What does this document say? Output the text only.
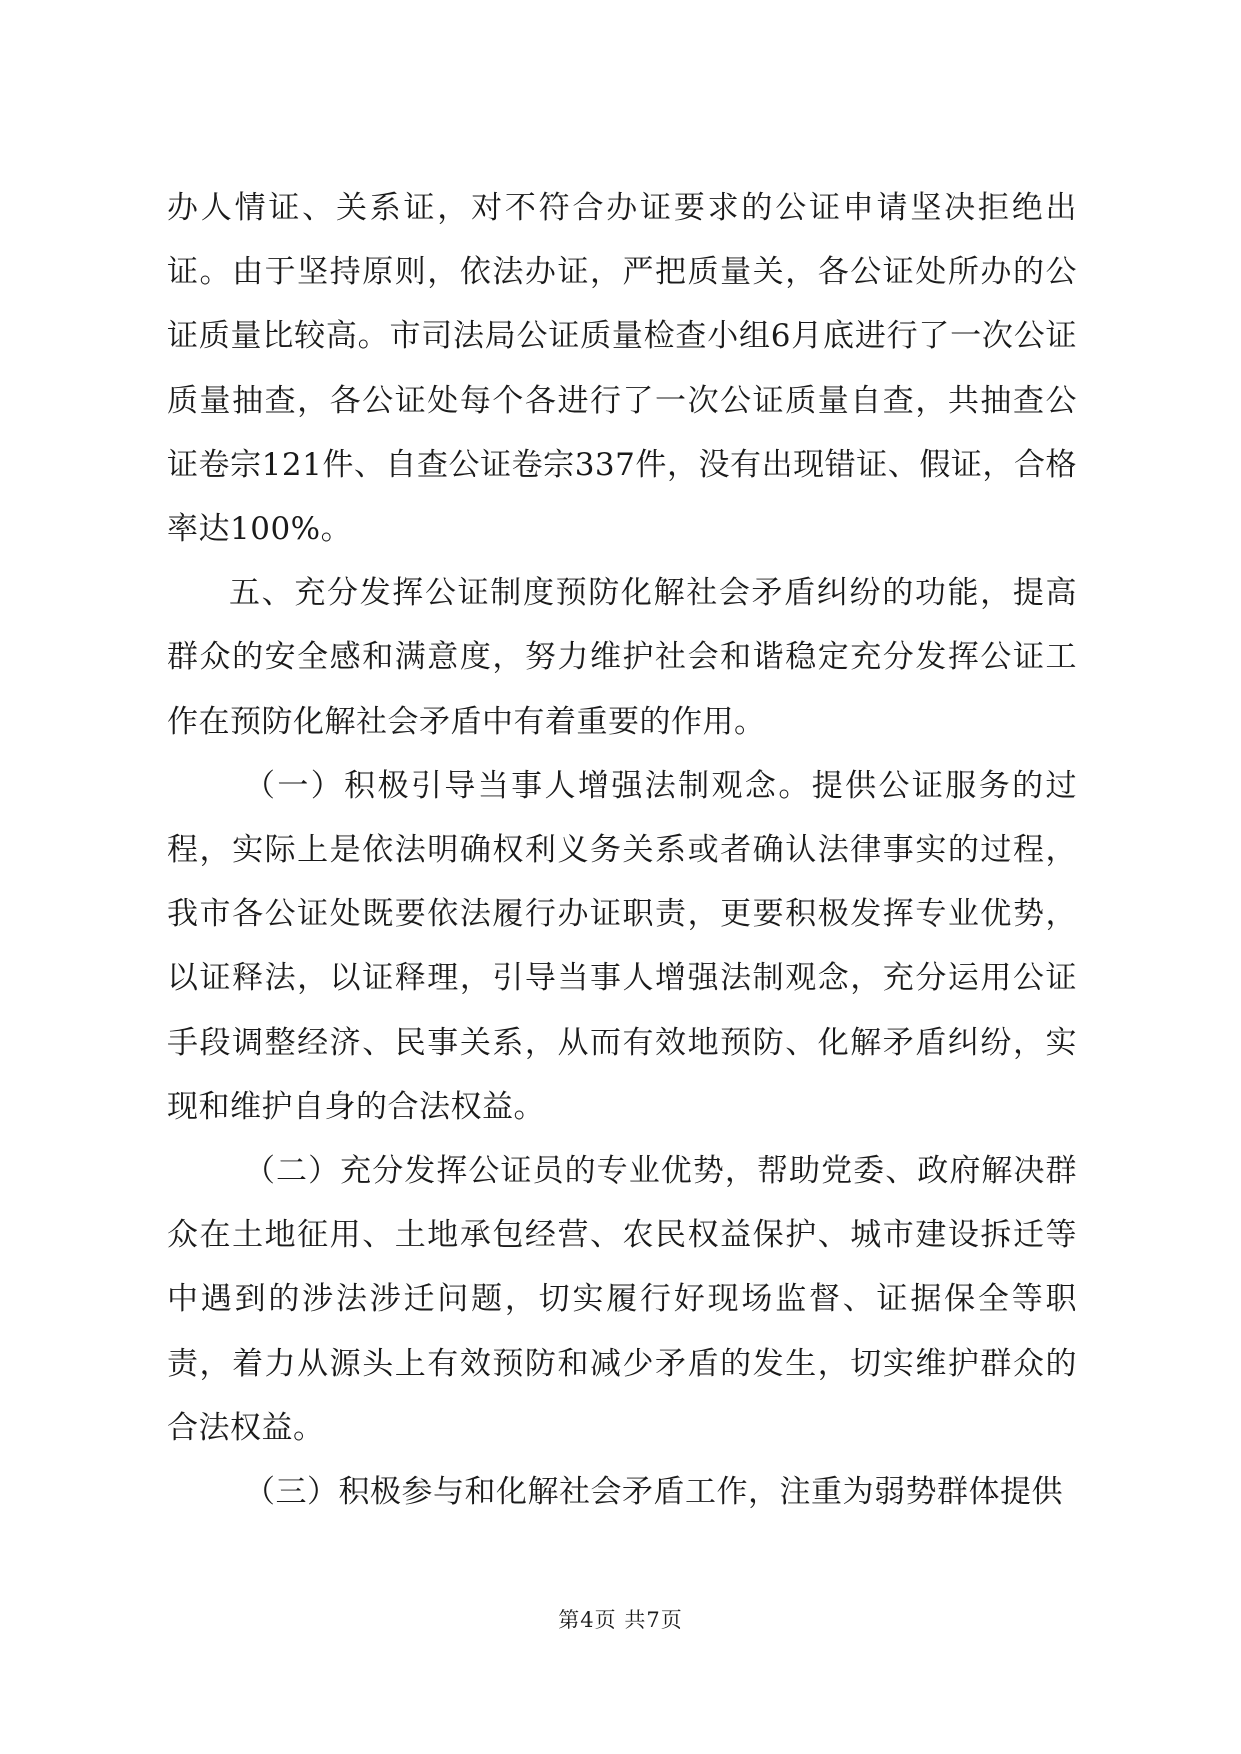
办人情证、关系证，对不符合办证要求的公证申请坚决拒绝出证。由于坚持原则，依法办证，严把质量关，各公证处所办的公证质量比较高。市司法局公证质量检查小组6月底进行了一次公证质量抽查，各公证处每个各进行了一次公证质量自查，共抽查公证卷宗121件、自查公证卷宗337件，没有出现错证、假证，合格率达100%。

五、充分发挥公证制度预防化解社会矛盾纠纷的功能，提高群众的安全感和满意度，努力维护社会和谐稳定充分发挥公证工作在预防化解社会矛盾中有着重要的作用。

（一）积极引导当事人增强法制观念。提供公证服务的过程，实际上是依法明确权利义务关系或者确认法律事实的过程，我市各公证处既要依法履行办证职责，更要积极发挥专业优势，以证释法，以证释理，引导当事人增强法制观念，充分运用公证手段调整经济、民事关系，从而有效地预防、化解矛盾纠纷，实现和维护自身的合法权益。

（二）充分发挥公证员的专业优势，帮助党委、政府解决群众在土地征用、土地承包经营、农民权益保护、城市建设拆迁等中遇到的涉法涉迁问题，切实履行好现场监督、证据保全等职责，着力从源头上有效预防和减少矛盾的发生，切实维护群众的合法权益。

（三）积极参与和化解社会矛盾工作，注重为弱势群体提供

第4页 共7页
